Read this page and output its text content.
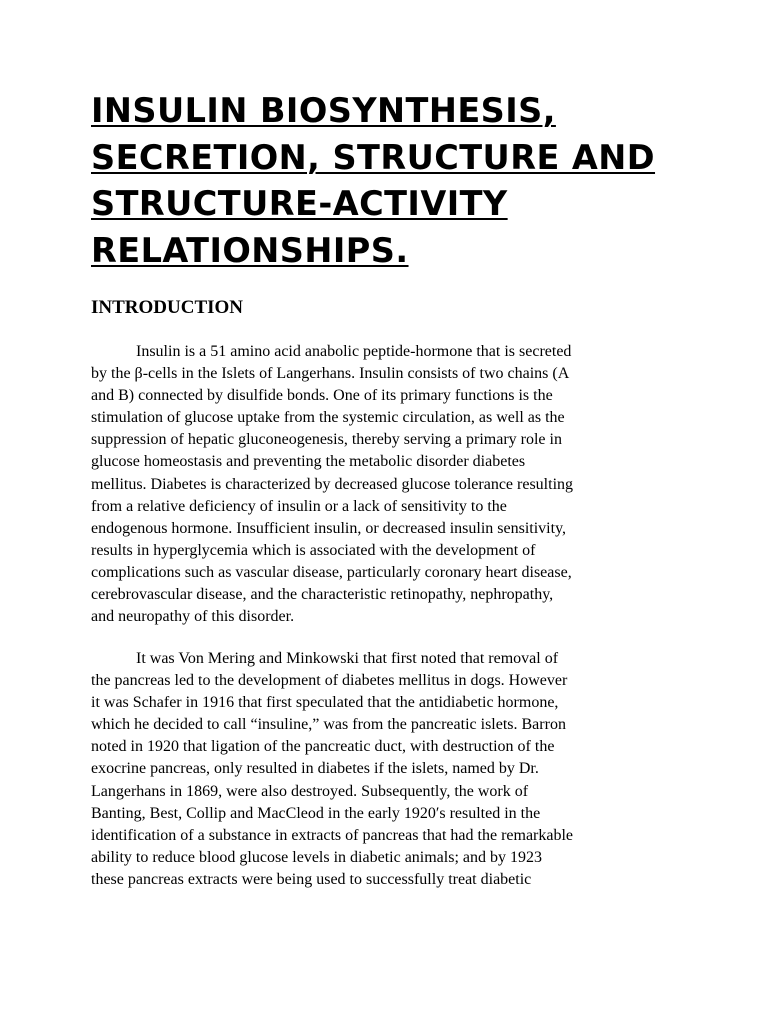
INSULIN BIOSYNTHESIS,
SECRETION, STRUCTURE AND
STRUCTURE-ACTIVITY
RELATIONSHIPS.
INTRODUCTION

Insulin is a 51 amino acid anabolic peptide-hormone that is secreted
by the β-cells in the Islets of Langerhans. Insulin consists of two chains (A
and B) connected by disulfide bonds. One of its primary functions is the
stimulation of glucose uptake from the systemic circulation, as well as the
suppression of hepatic gluconeogenesis, thereby serving a primary role in
glucose homeostasis and preventing the metabolic disorder diabetes
mellitus. Diabetes is characterized by decreased glucose tolerance resulting
from a relative deficiency of insulin or a lack of sensitivity to the
endogenous hormone. Insufficient insulin, or decreased insulin sensitivity,
results in hyperglycemia which is associated with the development of
complications such as vascular disease, particularly coronary heart disease,
cerebrovascular disease, and the characteristic retinopathy, nephropathy,
and neuropathy of this disorder.

It was Von Mering and Minkowski that first noted that removal of
the pancreas led to the development of diabetes mellitus in dogs. However
it was Schafer in 1916 that first speculated that the antidiabetic hormone,
which he decided to call “insuline,” was from the pancreatic islets. Barron
noted in 1920 that ligation of the pancreatic duct, with destruction of the
exocrine pancreas, only resulted in diabetes if the islets, named by Dr.
Langerhans in 1869, were also destroyed. Subsequently, the work of
Banting, Best, Collip and MacCleod in the early 1920′s resulted in the
identification of a substance in extracts of pancreas that had the remarkable
ability to reduce blood glucose levels in diabetic animals; and by 1923
these pancreas extracts were being used to successfully treat diabetic
